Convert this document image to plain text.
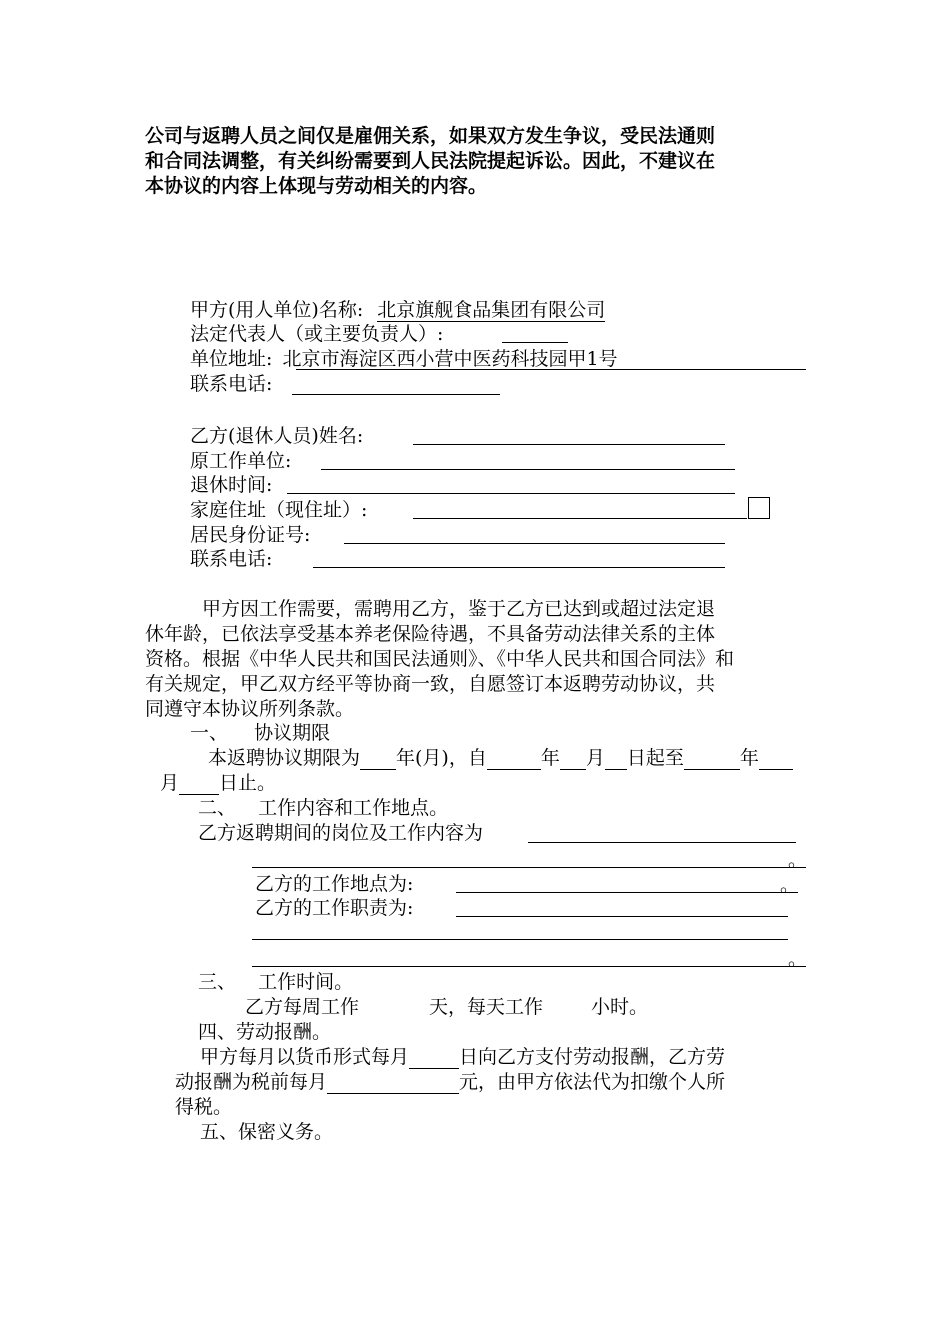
公司与返聘人员之间仅是雇佣关系，如果双方发生争议，受民法通则
和合同法调整，有关纠纷需要到人民法院提起诉讼。因此，不建议在
本协议的内容上体现与劳动相关的内容。
甲方(用人单位)名称: 北京旗舰食品集团有限公司
法定代表人（或主要负责人）:
单位地址: 北京市海淀区西小营中医药科技园甲1号
联系电话:
乙方(退休人员)姓名:
原工作单位:
退休时间:
家庭住址（现住址）:
居民身份证号:
联系电话:
甲方因工作需要，需聘用乙方，鉴于乙方已达到或超过法定退
休年龄，已依法享受基本养老保险待遇，不具备劳动法律关系的主体
资格。根据《中华人民共和国民法通则》、《中华人民共和国合同法》和
有关规定，甲乙双方经平等协商一致，自愿签订本返聘劳动协议，共
同遵守本协议所列条款。
一、 协议期限
本返聘协议期限为 年(月)，自	年 月 日起至	年
月 日止。
二、 工作内容和工作地点。
乙方返聘期间的岗位及工作内容为
。
乙方的工作地点为:	。
乙方的工作职责为:
。
三、 工作时间。
乙方每周工作	天，每天工作	小时。
四、劳动报酬。
甲方每月以货币形式每月	日向乙方支付劳动报酬，乙方劳
动报酬为税前每月	元，由甲方依法代为扣缴个人所
得税。
五、保密义务。
